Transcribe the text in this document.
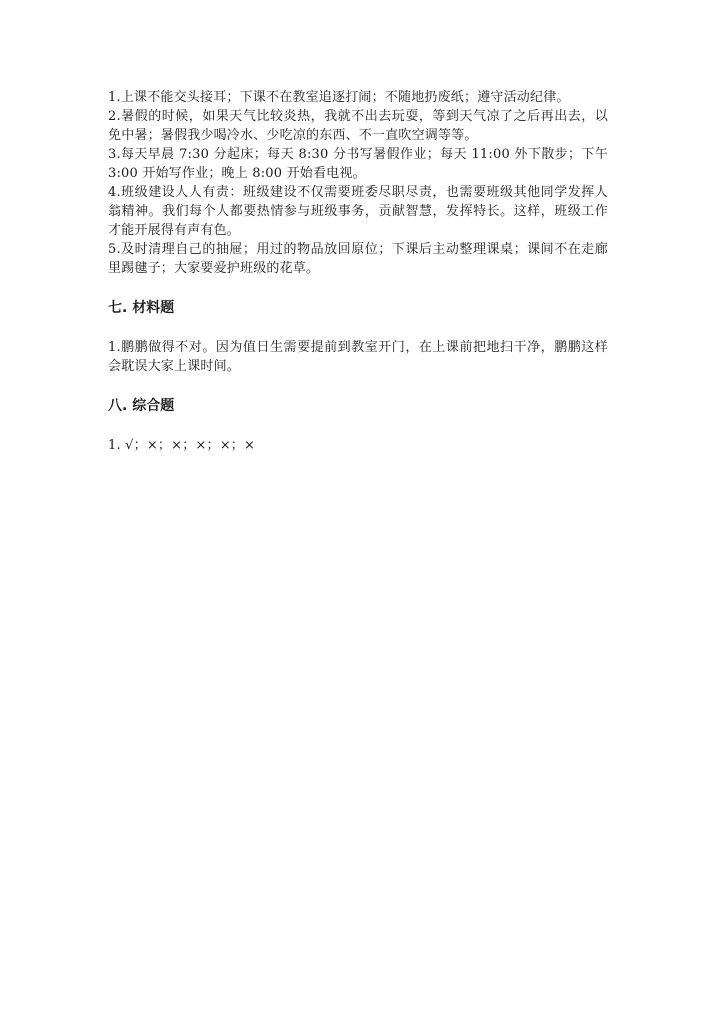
1.上课不能交头接耳；下课不在教室追逐打闹；不随地扔废纸；遵守活动纪律。

2.暑假的时候，如果天气比较炎热，我就不出去玩耍，等到天气凉了之后再出去，以免中暑；暑假我少喝冷水、少吃凉的东西、不一直吹空调等等。

3.每天早晨 7:30 分起床；每天 8:30 分书写暑假作业；每天 11:00 外下散步；下午 3:00 开始写作业；晚上 8:00 开始看电视。

4.班级建设人人有责：班级建设不仅需要班委尽职尽责，也需要班级其他同学发挥人翁精神。我们每个人都要热情参与班级事务，贡献智慧，发挥特长。这样，班级工作才能开展得有声有色。

5.及时清理自己的抽屉；用过的物品放回原位；下课后主动整理课桌；课间不在走廊里踢毽子；大家要爱护班级的花草。

七. 材料题

1.鹏鹏做得不对。因为值日生需要提前到教室开门，在上课前把地扫干净，鹏鹏这样会耽误大家上课时间。

八. 综合题

1. √；×；×；×；×；×
